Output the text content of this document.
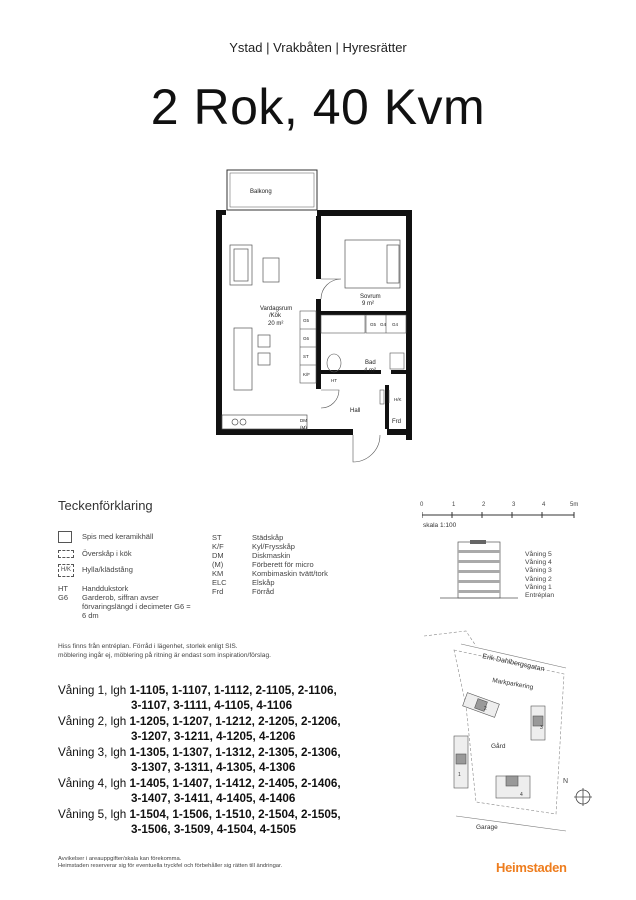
Ystad | Vrakbåten | Hyresrätter
2 Rok, 40 Kvm
Balkong
Vardagsrum
/Kök
20 m²
Sovrum
9 m²
Bad
4 m²
Hall
Frd
G5
G6
ST
K/F
G5 G4 G4
HT
H/K
DM
(M)
Teckenförklaring
Spis med keramikhäll
Överskåp i kök
H/K	Hylla/klädstång
HT Handdukstork
G6 Garderob, siffran avser förvaringslängd i decimeter G6 = 6 dm
ST	Städskåp
K/F	Kyl/Frysskåp
DM	Diskmaskin
(M)	Förberett för micro
KM	Kombimaskin tvätt/tork
ELC	Elskåp
Frd	Förråd
0	1	2	3	4	5m
skala 1:100
Våning 5
Våning 4
Våning 3
Våning 2
Våning 1
Entréplan
Erik Dahlbergsgatan
Markparkering
Gård
Garage
2
3
1
4
N
Hiss finns från entréplan. Förråd i lägenhet, storlek enligt SIS.
möblering ingår ej, möblering på ritning är endast som inspiration/förslag.
Våning 1, lgh 1-1105, 1-1107, 1-1112, 2-1105, 2-1106,
3-1107, 3-1111, 4-1105, 4-1106
Våning 2, lgh 1-1205, 1-1207, 1-1212, 2-1205, 2-1206,
3-1207, 3-1211, 4-1205, 4-1206
Våning 3, lgh 1-1305, 1-1307, 1-1312, 2-1305, 2-1306,
3-1307, 3-1311, 4-1305, 4-1306
Våning 4, lgh 1-1405, 1-1407, 1-1412, 2-1405, 2-1406,
3-1407, 3-1411, 4-1405, 4-1406
Våning 5, lgh 1-1504, 1-1506, 1-1510, 2-1504, 2-1505,
3-1506, 3-1509, 4-1504, 4-1505
Avvikelser i areauppgifter/skala kan förekomma.
Heimstaden reserverar sig för eventuella tryckfel och förbehåller sig rätten till ändringar.	Heimstaden
